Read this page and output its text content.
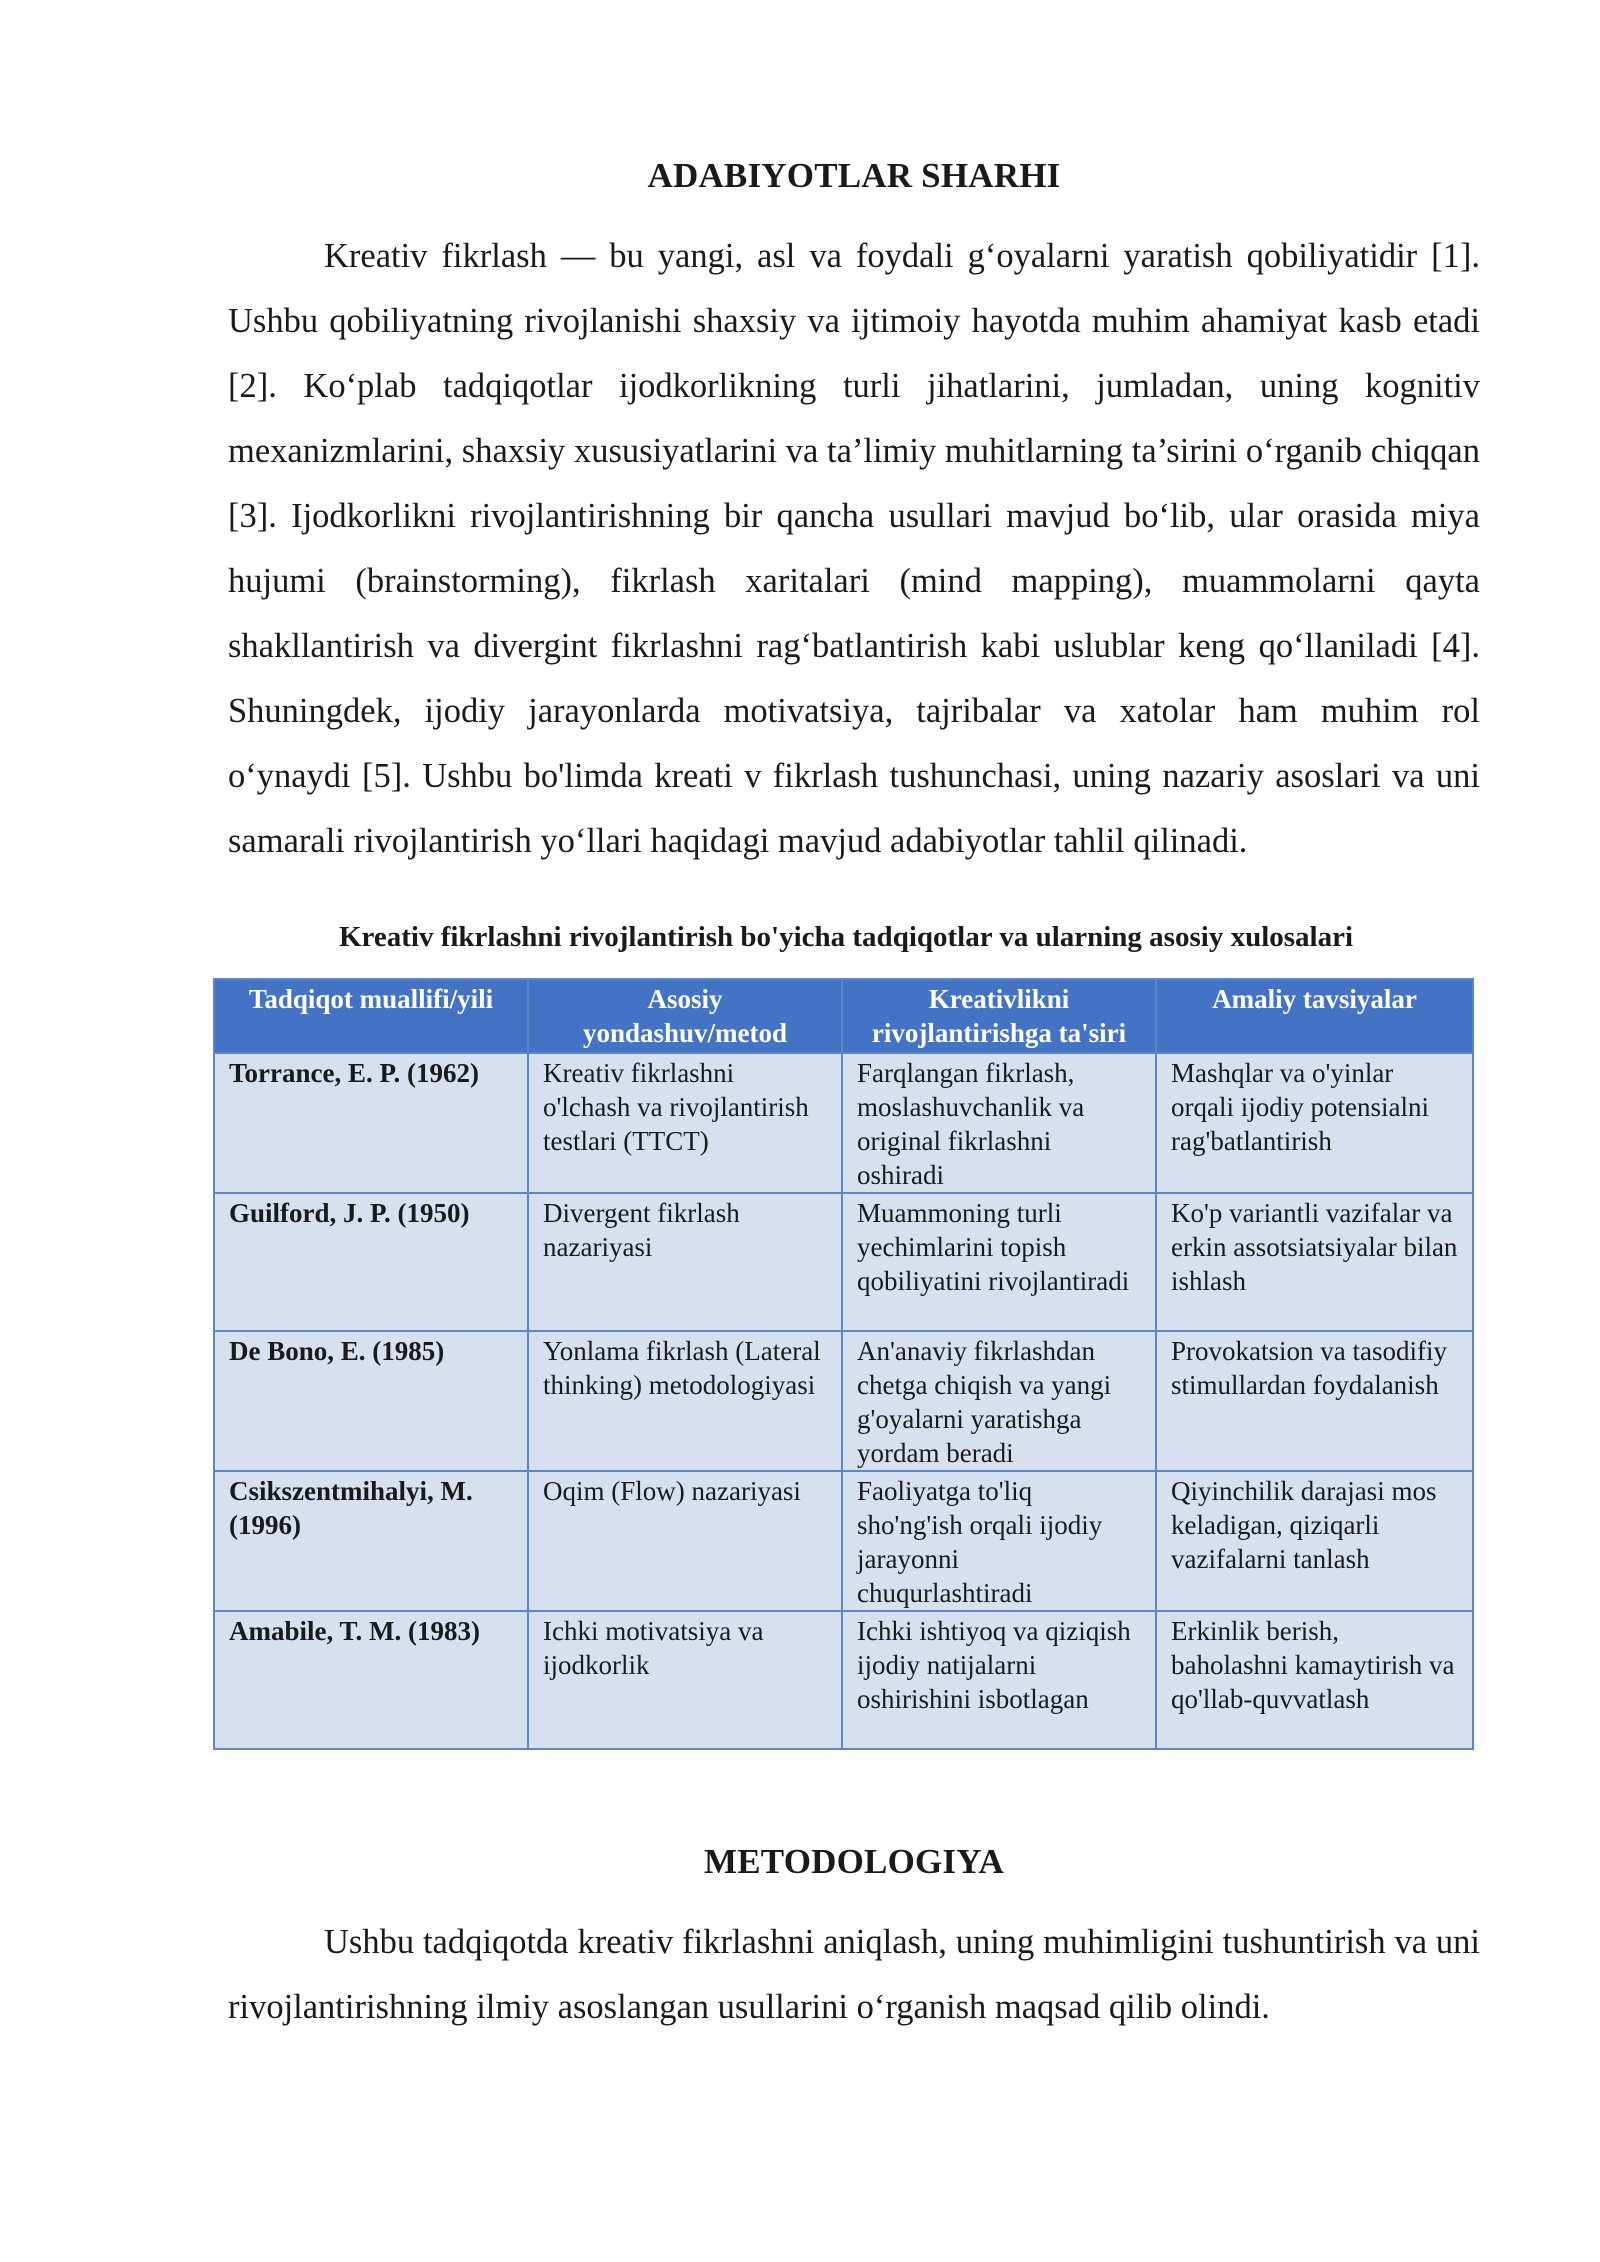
ADABIYOTLAR SHARHI

Kreativ fikrlash — bu yangi, asl va foydali g‘oyalarni yaratish qobiliyatidir [1]. Ushbu qobiliyatning rivojlanishi shaxsiy va ijtimoiy hayotda muhim ahamiyat kasb etadi [2]. Ko‘plab tadqiqotlar ijodkorlikning turli jihatlarini, jumladan, uning kognitiv mexanizmlarini, shaxsiy xususiyatlarini va ta’limiy muhitlarning ta’sirini o‘rganib chiqqan [3]. Ijodkorlikni rivojlantirishning bir qancha usullari mavjud bo‘lib, ular orasida miya hujumi (brainstorming), fikrlash xaritalari (mind mapping), muammolarni qayta shakllantirish va divergint fikrlashni rag‘batlantirish kabi uslublar keng qo‘llaniladi [4]. Shuningdek, ijodiy jarayonlarda motivatsiya, tajribalar va xatolar ham muhim rol o‘ynaydi [5]. Ushbu bo'limda kreati v fikrlash tushunchasi, uning nazariy asoslari va uni samarali rivojlantirish yo‘llari haqidagi mavjud adabiyotlar tahlil qilinadi.

Kreativ fikrlashni rivojlantirish bo'yicha tadqiqotlar va ularning asosiy xulosalari
Tadqiqot muallifi/yili	Asosiy yondashuv/metod	Kreativlikni rivojlantirishga ta'siri	Amaliy tavsiyalar
Torrance, E. P. (1962)	Kreativ fikrlashni o'lchash va rivojlantirish testlari (TTCT)	Farqlangan fikrlash, moslashuvchanlik va original fikrlashni oshiradi	Mashqlar va o'yinlar orqali ijodiy potensialni rag'batlantirish
Guilford, J. P. (1950)	Divergent fikrlash nazariyasi	Muammoning turli yechimlarini topish qobiliyatini rivojlantiradi	Ko'p variantli vazifalar va erkin assotsiatsiyalar bilan ishlash
De Bono, E. (1985)	Yonlama fikrlash (Lateral thinking) metodologiyasi	An'anaviy fikrlashdan chetga chiqish va yangi g'oyalarni yaratishga yordam beradi	Provokatsion va tasodifiy stimullardan foydalanish
Csikszentmihalyi, M. (1996)	Oqim (Flow) nazariyasi	Faoliyatga to'liq sho'ng'ish orqali ijodiy jarayonni chuqurlashtiradi	Qiyinchilik darajasi mos keladigan, qiziqarli vazifalarni tanlash
Amabile, T. M. (1983)	Ichki motivatsiya va ijodkorlik	Ichki ishtiyoq va qiziqish ijodiy natijalarni oshirishini isbotlagan	Erkinlik berish, baholashni kamaytirish va qo'llab-quvvatlash
METODOLOGIYA

Ushbu tadqiqotda kreativ fikrlashni aniqlash, uning muhimligini tushuntirish va uni rivojlantirishning ilmiy asoslangan usullarini o‘rganish maqsad qilib olindi.
